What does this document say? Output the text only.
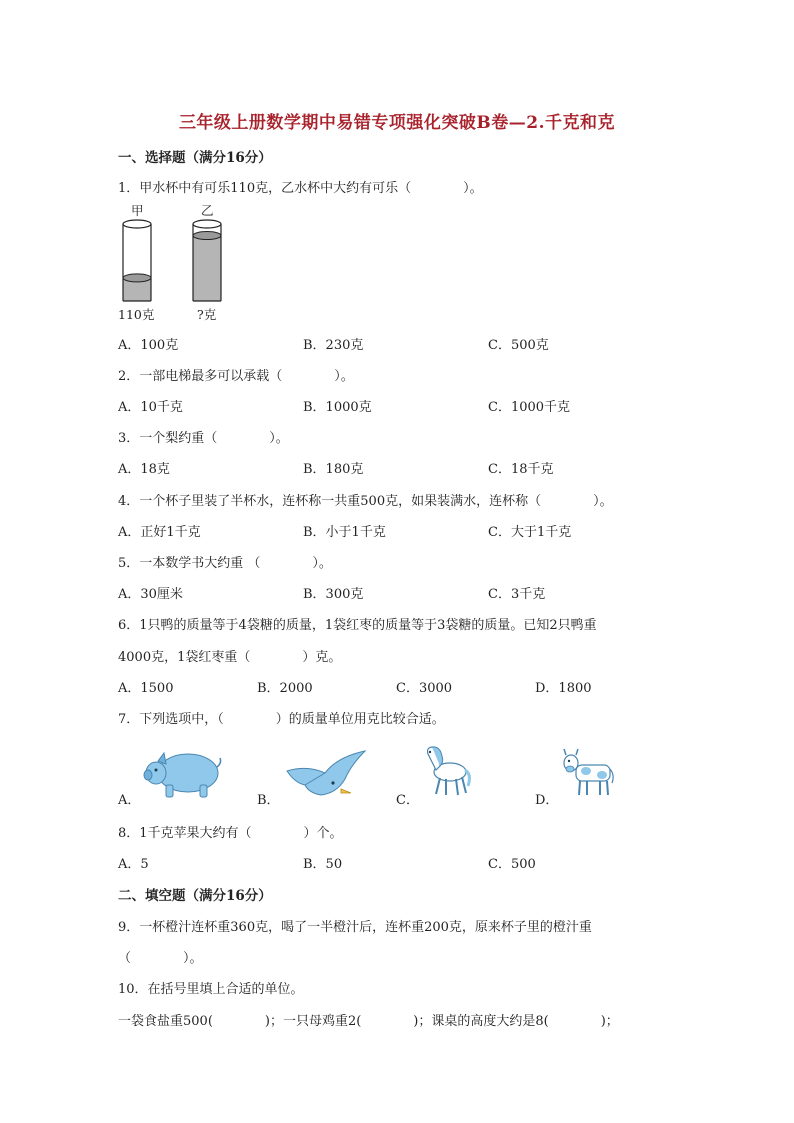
三年级上册数学期中易错专项强化突破B卷—2.千克和克
一、选择题（满分16分）
1．甲水杯中有可乐110克，乙水杯中大约有可乐（　　　　）。
甲	乙
110克	?克
A．100克	B．230克	C．500克
2．一部电梯最多可以承载（　　　　）。
A．10千克	B．1000克	C．1000千克
3．一个梨约重（　　　　）。
A．18克	B．180克	C．18千克
4．一个杯子里装了半杯水，连杯称一共重500克，如果装满水，连杯称（　　　　）。
A．正好1千克	B．小于1千克	C．大于1千克
5．一本数学书大约重 （　　　　）。
A．30厘米	B．300克	C．3千克
6．1只鸭的质量等于4袋糖的质量，1袋红枣的质量等于3袋糖的质量。已知2只鸭重
4000克，1袋红枣重（　　　　）克。
A．1500	B．2000	C．3000	D．1800
7．下列选项中，（　　　　）的质量单位用克比较合适。
A．	B．	C．	D．
8．1千克苹果大约有（　　　　）个。
A．5	B．50	C．500
二、填空题（满分16分）
9．一杯橙汁连杯重360克，喝了一半橙汁后，连杯重200克，原来杯子里的橙汁重
（　　　　）。
10．在括号里填上合适的单位。
一袋食盐重500(　　　　)；一只母鸡重2(　　　　)；课桌的高度大约是8(　　　　)；
